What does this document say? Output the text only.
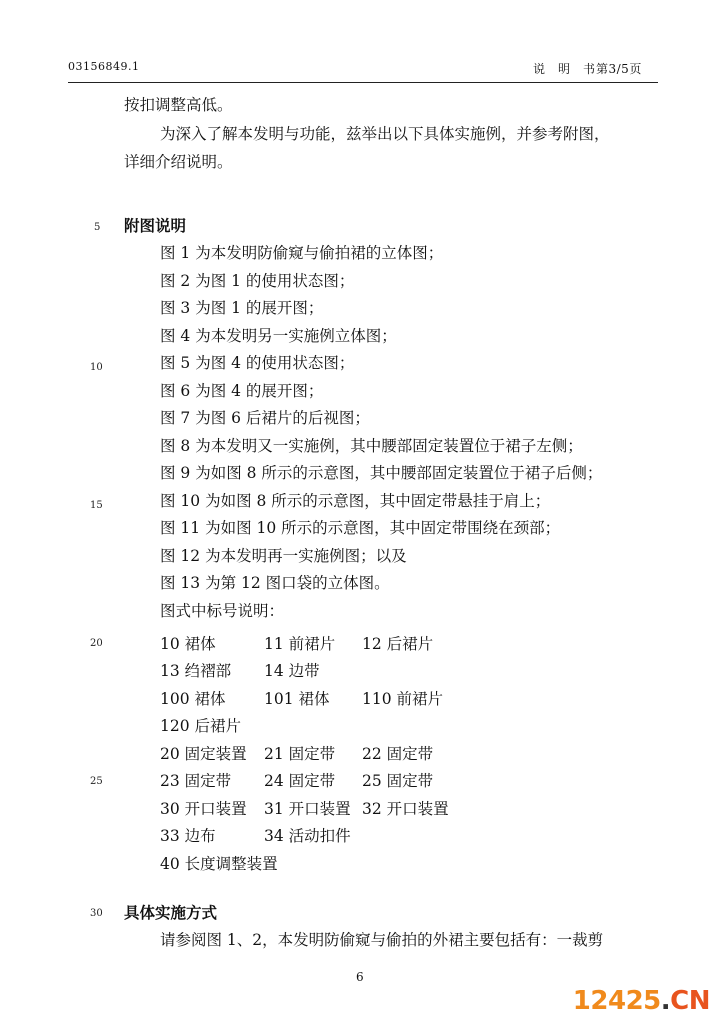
03156849.1	说　明　书 第3/5页
按扣调整高低。
为深入了解本发明与功能，兹举出以下具体实施例，并参考附图，
详细介绍说明。
5
10
15
20
25
30
附图说明
图 1 为本发明防偷窥与偷拍裙的立体图；
图 2 为图 1 的使用状态图；
图 3 为图 1 的展开图；
图 4 为本发明另一实施例立体图；
图 5 为图 4 的使用状态图；
图 6 为图 4 的展开图；
图 7 为图 6 后裙片的后视图；
图 8 为本发明又一实施例，其中腰部固定装置位于裙子左侧；
图 9 为如图 8 所示的示意图，其中腰部固定装置位于裙子后侧；
图 10 为如图 8 所示的示意图，其中固定带悬挂于肩上；
图 11 为如图 10 所示的示意图，其中固定带围绕在颈部；
图 12 为本发明再一实施例图；以及
图 13 为第 12 图口袋的立体图。
图式中标号说明：
10 裙体	11 前裙片 12 后裙片
13 绉褶部 14 边带
100 裙体 101 裙体 110 前裙片
120 后裙片
20 固定装置 21 固定带 22 固定带
23 固定带 24 固定带 25 固定带
30 开口装置 31 开口装置 32 开口装置
33 边布	34 活动扣件
40 长度调整装置
具体实施方式
请参阅图 1、2，本发明防偷窥与偷拍的外裙主要包括有：一裁剪
6
12425.CN
